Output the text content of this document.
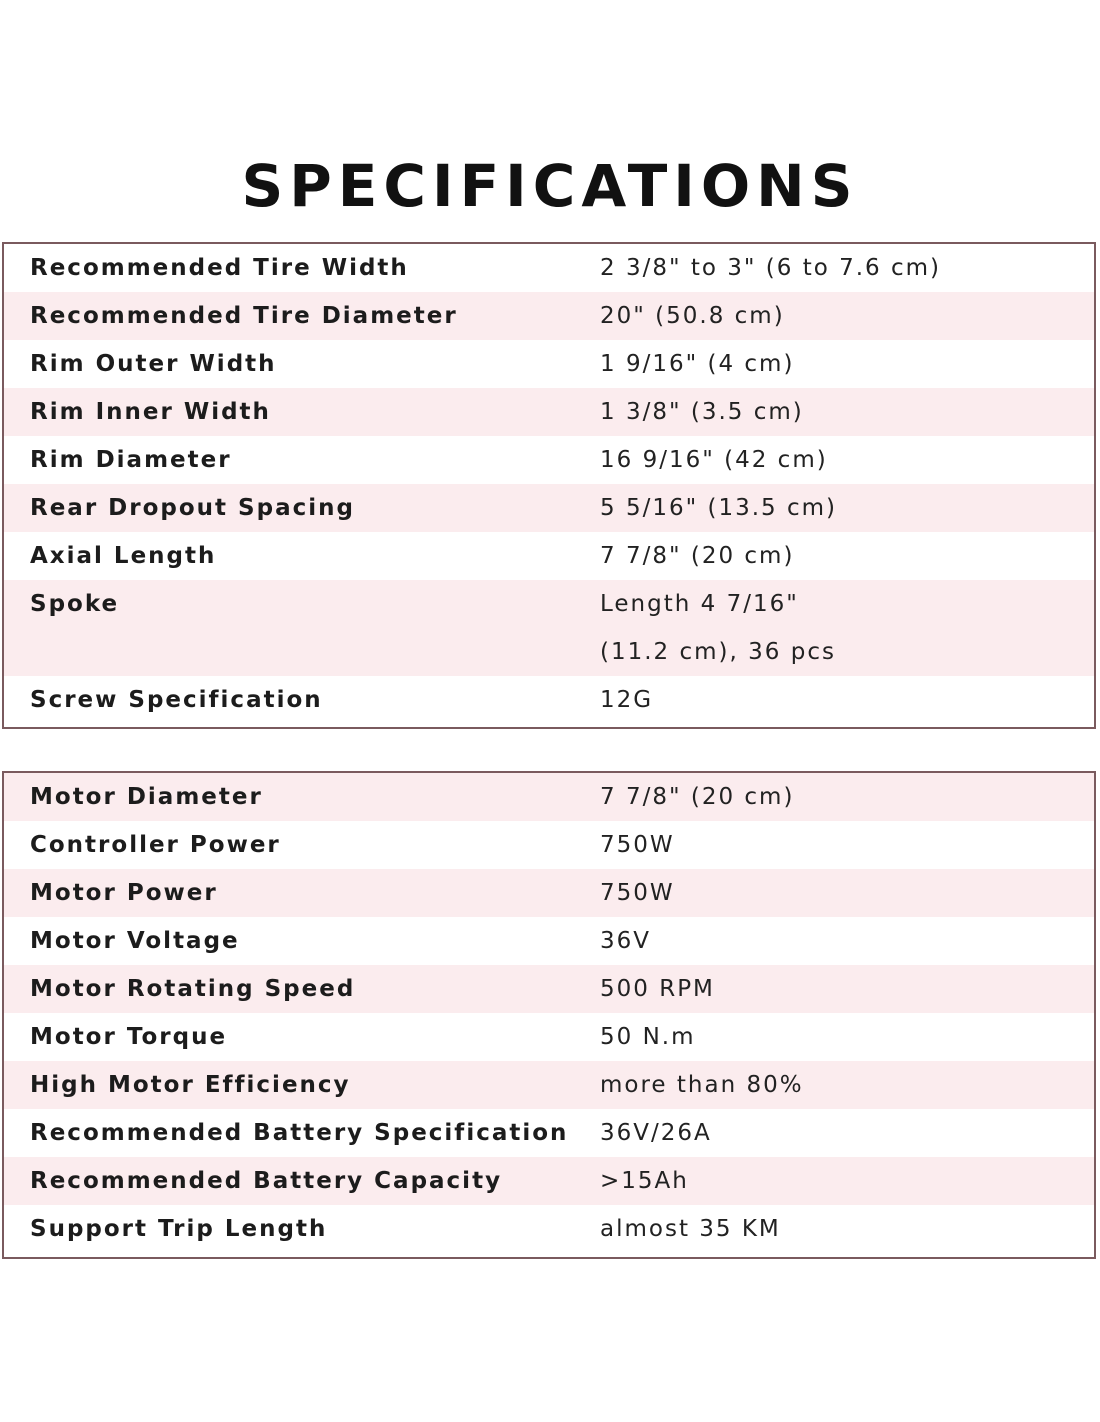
SPECIFICATIONS
Recommended Tire Width	2 3/8" to 3" (6 to 7.6 cm)
Recommended Tire Diameter	20" (50.8 cm)
Rim Outer Width	1 9/16" (4 cm)
Rim Inner Width	1 3/8" (3.5 cm)
Rim Diameter	16 9/16" (42 cm)
Rear Dropout Spacing	5 5/16" (13.5 cm)
Axial Length	7 7/8" (20 cm)
Spoke	Length 4 7/16"
(11.2 cm), 36 pcs
Screw Specification	12G
Motor Diameter	7 7/8" (20 cm)
Controller Power	750W
Motor Power	750W
Motor Voltage	36V
Motor Rotating Speed	500 RPM
Motor Torque	50 N.m
High Motor Efficiency	more than 80%
Recommended Battery Specification	36V/26A
Recommended Battery Capacity	>15Ah
Support Trip Length	almost 35 KM
